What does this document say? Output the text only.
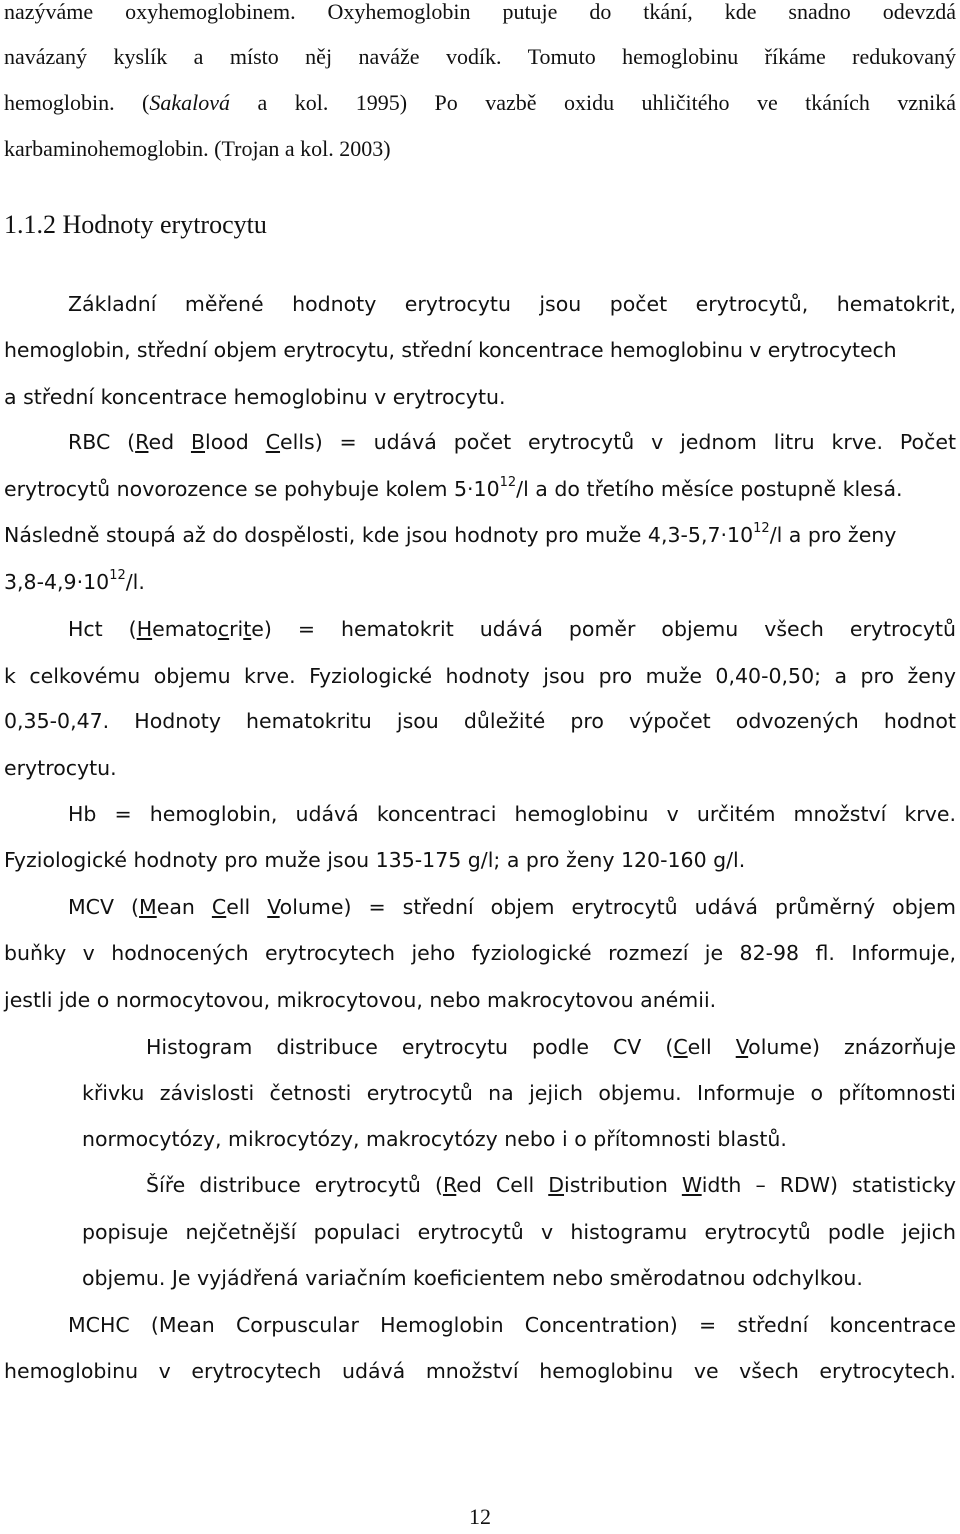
nazýváme oxyhemoglobinem. Oxyhemoglobin putuje do tkání, kde snadno odevzdá
navázaný kyslík a místo něj naváže vodík. Tomuto hemoglobinu říkáme redukovaný
hemoglobin. (Sakalová a kol. 1995) Po vazbě oxidu uhličitého ve tkáních vzniká
karbaminohemoglobin. (Trojan a kol. 2003)
1.1.2 Hodnoty erytrocytu
Základní měřené hodnoty erytrocytu jsou počet erytrocytů, hematokrit,
hemoglobin, střední objem erytrocytu, střední koncentrace hemoglobinu v erytrocytech
a střední koncentrace hemoglobinu v erytrocytu.
RBC (Red Blood Cells) = udává počet erytrocytů v jednom litru krve. Počet
erytrocytů novorozence se pohybuje kolem $5\cdot 10^{12}/l$ a do třetího měsíce postupně klesá.
Následně stoupá až do dospělosti, kde jsou hodnoty pro muže $4,3-5,7\cdot 10^{12}/l$ a pro ženy
$3,8-4,9\cdot 10^{12}/l$.
Hct (Hematocrite) = hematokrit udává poměr objemu všech erytrocytů
k celkovému objemu krve. Fyziologické hodnoty jsou pro muže 0,40-0,50; a pro ženy
0,35-0,47. Hodnoty hematokritu jsou důležité pro výpočet odvozených hodnot
erytrocytu.
Hb = hemoglobin, udává koncentraci hemoglobinu v určitém množství krve.
Fyziologické hodnoty pro muže jsou 135-175 g/l; a pro ženy 120-160 g/l.
MCV (Mean Cell Volume) = střední objem erytrocytů udává průměrný objem
buňky v hodnocených erytrocytech jeho fyziologické rozmezí je 82-98 fl. Informuje,
jestli jde o normocytovou, mikrocytovou, nebo makrocytovou anémii.
Histogram distribuce erytrocytu podle CV (Cell Volume) znázorňuje
křivku závislosti četnosti erytrocytů na jejich objemu. Informuje o přítomnosti
normocytózy, mikrocytózy, makrocytózy nebo i o přítomnosti blastů.
Šíře distribuce erytrocytů (Red Cell Distribution Width – RDW) statisticky
popisuje nejčetnější populaci erytrocytů v histogramu erytrocytů podle jejich
objemu. Je vyjádřená variačním koeficientem nebo směrodatnou odchylkou.
MCHC (Mean Corpuscular Hemoglobin Concentration) = střední koncentrace
hemoglobinu v erytrocytech udává množství hemoglobinu ve všech erytrocytech.
12
